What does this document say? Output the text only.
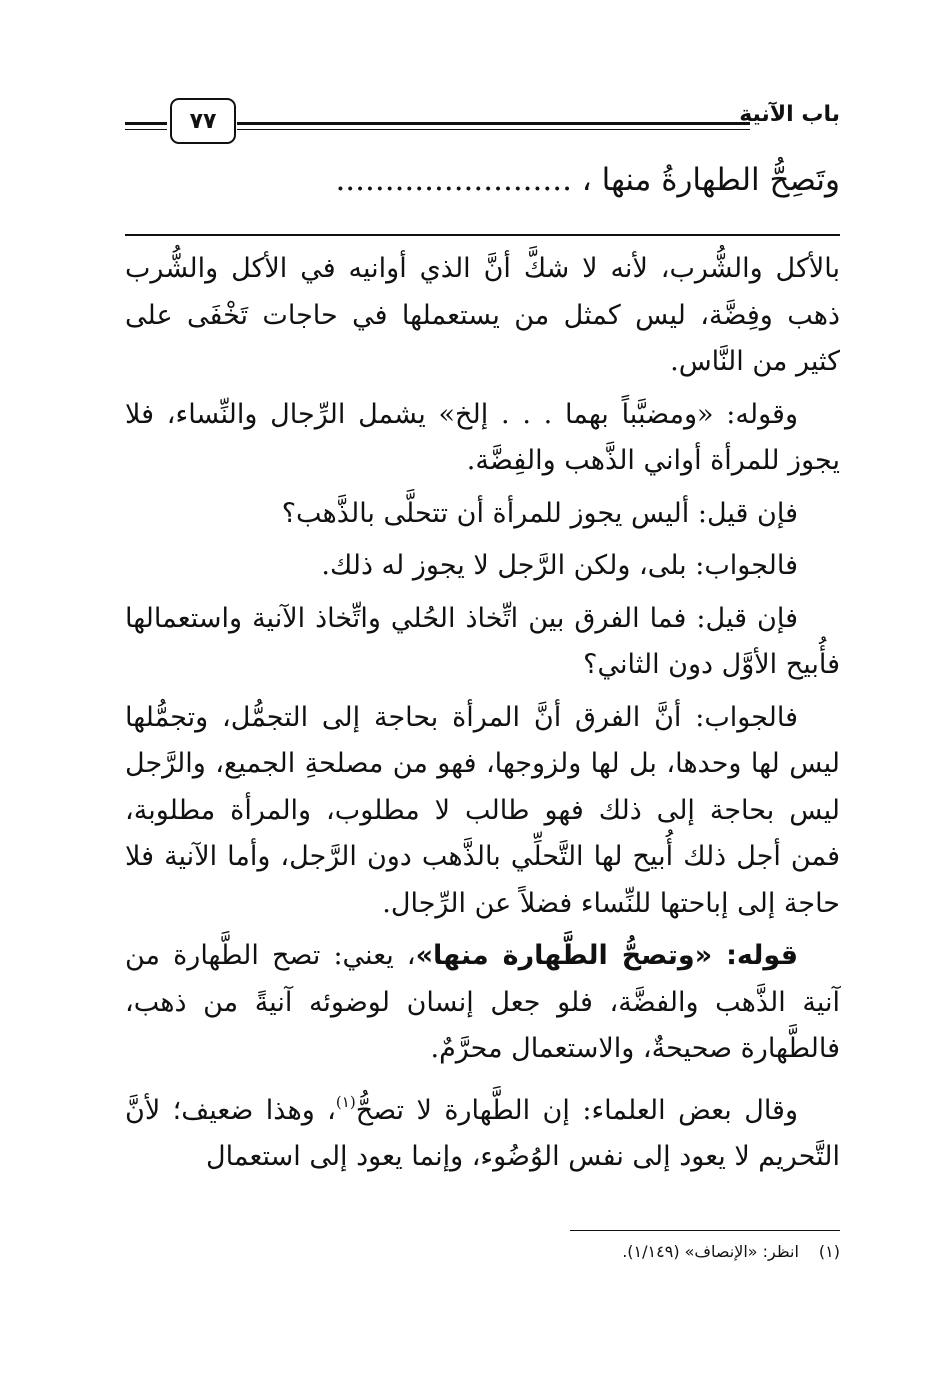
باب الآنية
٧٧
وتَصِحُّ الطهارةُ منها ، ........................

بالأكل والشُّرب، لأنه لا شكَّ أنَّ الذي أوانيه في الأكل والشُّرب ذهب وفِضَّة، ليس كمثل من يستعملها في حاجات تَخْفَى على كثير من النَّاس.

وقوله: «ومضبَّباً بهما . . . إلخ» يشمل الرِّجال والنِّساء، فلا يجوز للمرأة أواني الذَّهب والفِضَّة.

فإن قيل: أليس يجوز للمرأة أن تتحلَّى بالذَّهب؟

فالجواب: بلى، ولكن الرَّجل لا يجوز له ذلك.

فإن قيل: فما الفرق بين اتِّخاذ الحُلي واتِّخاذ الآنية واستعمالها فأُبيح الأوَّل دون الثاني؟

فالجواب: أنَّ الفرق أنَّ المرأة بحاجة إلى التجمُّل، وتجمُّلها ليس لها وحدها، بل لها ولزوجها، فهو من مصلحةِ الجميع، والرَّجل ليس بحاجة إلى ذلك فهو طالب لا مطلوب، والمرأة مطلوبة، فمن أجل ذلك أُبيح لها التَّحلِّي بالذَّهب دون الرَّجل، وأما الآنية فلا حاجة إلى إباحتها للنِّساء فضلاً عن الرِّجال.

قوله: «وتصحُّ الطَّهارة منها»، يعني: تصح الطَّهارة من آنية الذَّهب والفضَّة، فلو جعل إنسان لوضوئه آنيةً من ذهب، فالطَّهارة صحيحةٌ، والاستعمال محرَّمٌ.

وقال بعض العلماء: إن الطَّهارة لا تصحُّ$^{(١)}$، وهذا ضعيف؛ لأنَّ التَّحريم لا يعود إلى نفس الوُضُوء، وإنما يعود إلى استعمال

(١)انظر: «الإنصاف» (١/١٤٩).
